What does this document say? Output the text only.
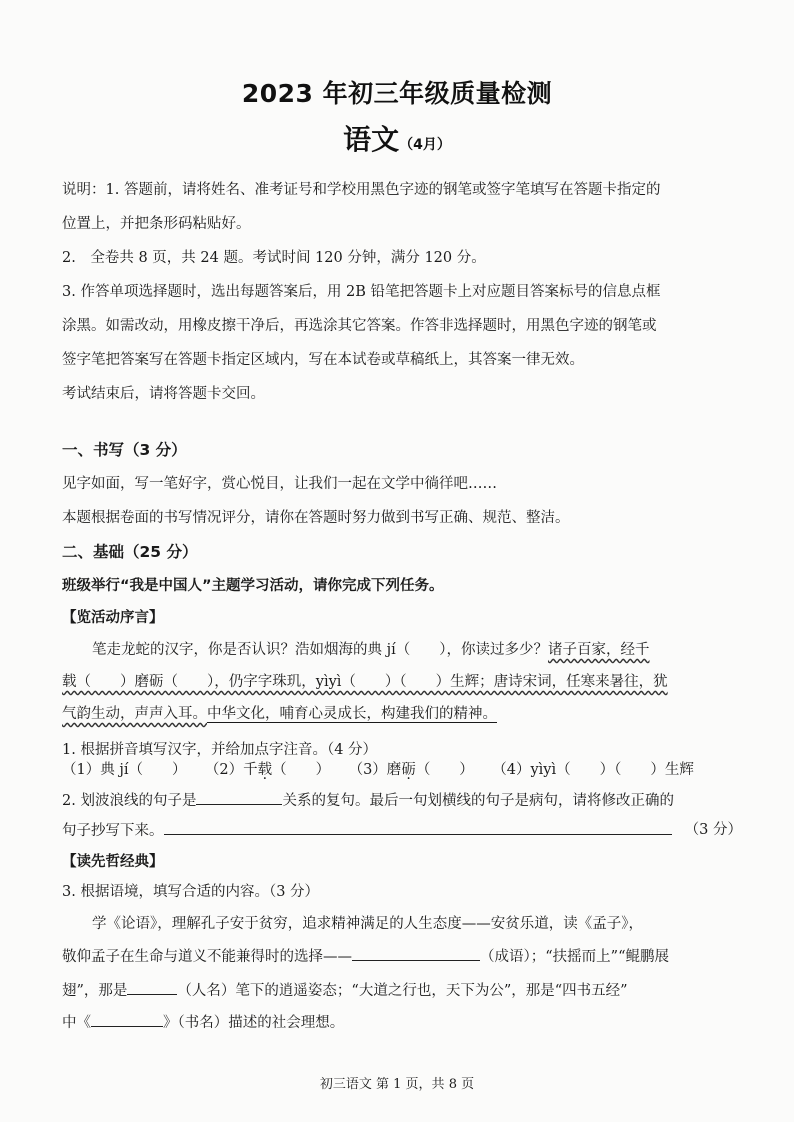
2023 年初三年级质量检测
语文（4月）
说明：1. 答题前，请将姓名、准考证号和学校用黑色字迹的钢笔或签字笔填写在答题卡指定的
位置上，并把条形码粘贴好。
2.　全卷共 8 页，共 24 题。考试时间 120 分钟，满分 120 分。
3. 作答单项选择题时，选出每题答案后，用 2B 铅笔把答题卡上对应题目答案标号的信息点框
涂黑。如需改动，用橡皮擦干净后，再选涂其它答案。作答非选择题时，用黑色字迹的钢笔或
签字笔把答案写在答题卡指定区域内，写在本试卷或草稿纸上，其答案一律无效。
考试结束后，请将答题卡交回。
一、书写（3 分）
见字如面，写一笔好字，赏心悦目，让我们一起在文学中徜徉吧……
本题根据卷面的书写情况评分，请你在答题时努力做到书写正确、规范、整洁。
二、基础（25 分）
班级举行“我是中国人”主题学习活动，请你完成下列任务。
【览活动序言】
笔走龙蛇的汉字，你是否认识？浩如烟海的典 jí（　　），你读过多少？诸子百家，经千
载（　　）磨砺（　　），仍字字珠玑，yìyì（　　）（　　）生辉；唐诗宋词，任寒来暑往，犹
气韵生动，声声入耳。中华文化，哺育心灵成长，构建我们的精神。
1. 根据拼音填写汉字，并给加点字注音。（4 分）
（1）典 jí（　　） （2）千载（　　） （3）磨砺（　　） （4）yìyì（　　）（　　）生辉
2. 划波浪线的句子是	关系的复句。最后一句划横线的句子是病句，请将修改正确的
句子抄写下来。	（3 分）
【读先哲经典】
3. 根据语境，填写合适的内容。（3 分）
学《论语》，理解孔子安于贫穷，追求精神满足的人生态度——安贫乐道，读《孟子》，
敬仰孟子在生命与道义不能兼得时的选择——	（成语）；“扶摇而上”“鲲鹏展
翅”，那是	（人名）笔下的逍遥姿态；“大道之行也，天下为公”，那是“四书五经”
中《	》（书名）描述的社会理想。
初三语文 第 1 页，共 8 页
